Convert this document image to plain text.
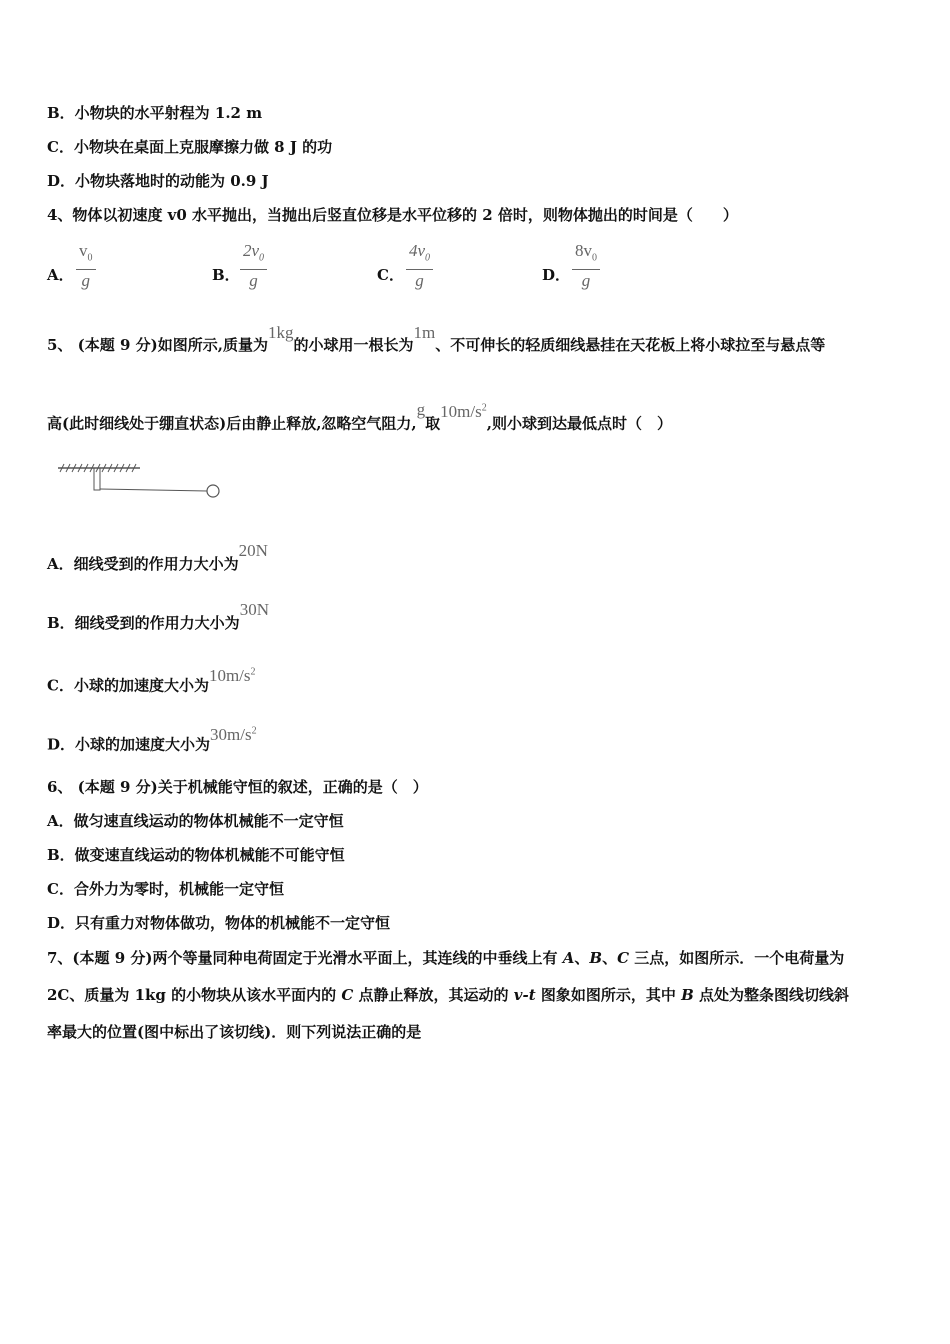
B．小物块的水平射程为 1.2 m
C．小物块在桌面上克服摩擦力做 8 J 的功
D．小物块落地时的动能为 0.9 J
4、物体以初速度 v0 水平抛出，当抛出后竖直位移是水平位移的 2 倍时，则物体抛出的时间是（　　）
A． $\frac{v_0}{g}$	B． $\frac{2v_0}{g}$	C． $\frac{4v_0}{g}$	D． $\frac{8v_0}{g}$
5、 (本题 9 分)如图所示,质量为1kg的小球用一根长为1m、不可伸长的轻质细线悬挂在天花板上将小球拉至与悬点等
高(此时细线处于绷直状态)后由静止释放,忽略空气阻力,g取$10m/s^2$,则小球到达最低点时（　）
A．细线受到的作用力大小为20N
B．细线受到的作用力大小为30N
C．小球的加速度大小为$10m/s^2$
D．小球的加速度大小为$30m/s^2$
6、 (本题 9 分)关于机械能守恒的叙述，正确的是（　）
A．做匀速直线运动的物体机械能不一定守恒
B．做变速直线运动的物体机械能不可能守恒
C．合外力为零时，机械能一定守恒
D．只有重力对物体做功，物体的机械能不一定守恒
7、(本题 9 分)两个等量同种电荷固定于光滑水平面上，其连线的中垂线上有 A、B、C 三点，如图所示．一个电荷量为
2C、质量为 1kg 的小物块从该水平面内的 C 点静止释放，其运动的 v-t 图象如图所示，其中 B 点处为整条图线切线斜
率最大的位置(图中标出了该切线)．则下列说法正确的是
